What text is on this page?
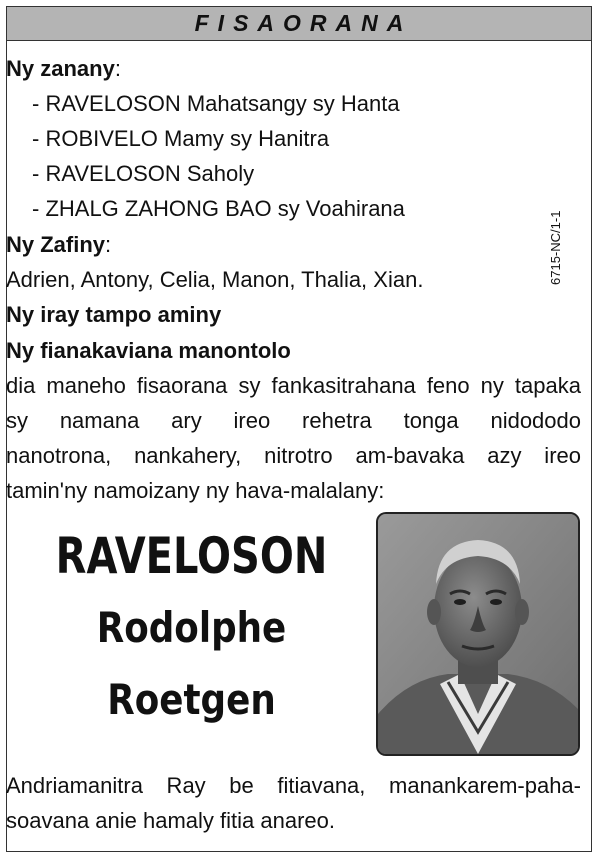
FISAORANA
Ny zanany:
- RAVELOSON Mahatsangy sy Hanta
- ROBIVELO Mamy sy Hanitra
- RAVELOSON Saholy
- ZHALG ZAHONG BAO sy Voahirana
Ny Zafiny:
Adrien, Antony, Celia, Manon, Thalia, Xian.
Ny iray tampo aminy
Ny fianakaviana manontolo
dia maneho fisaorana sy fankasitrahana feno ny tapaka
sy namana ary ireo rehetra tonga nidododo
nanotrona, nankahery, nitrotro am-bavaka azy ireo
tamin'ny namoizany ny hava-malalany:
6715-NC/1-1
RAVELOSON
Rodolphe
Roetgen
Andriamanitra Ray be fitiavana, manankarem-paha-
soavana anie hamaly fitia anareo.
